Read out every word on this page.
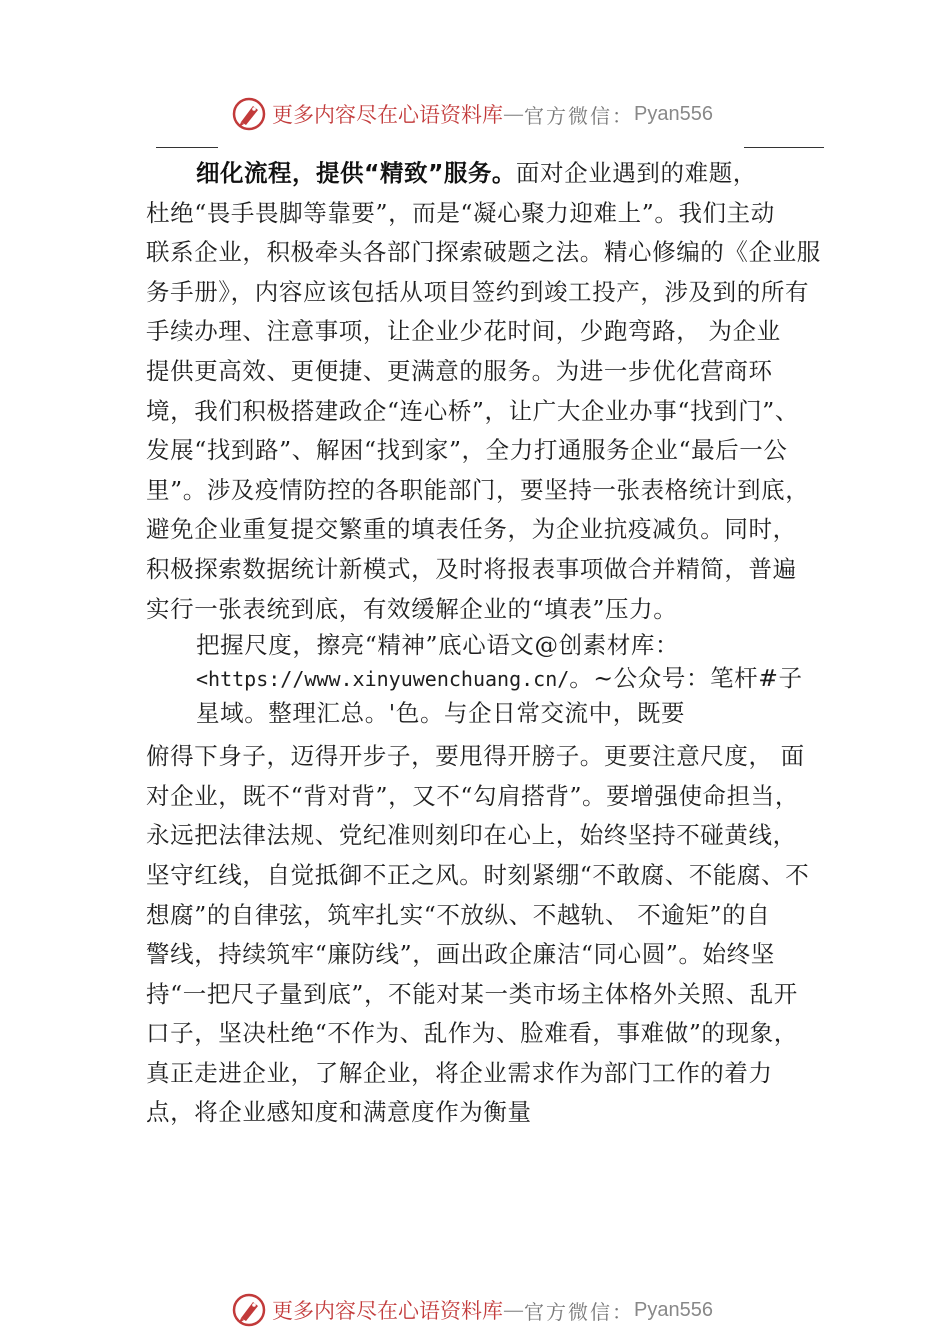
更多内容尽在心语资料库 — 官方微信： Pyan556
细化流程，提供“精致”服务。面对企业遇到的难题，
杜绝“畏手畏脚等靠要”，而是“凝心聚力迎难上”。我们主动
联系企业，积极牵头各部门探索破题之法。精心修编的《企业服
务手册》，内容应该包括从项目签约到竣工投产，涉及到的所有
手续办理、注意事项，让企业少花时间，少跑弯路， 为企业
提供更高效、更便捷、更满意的服务。为进一步优化营商环
境，我们积极搭建政企“连心桥”，让广大企业办事“找到门”、
发展“找到路”、解困“找到家”，全力打通服务企业“最后一公
里”。涉及疫情防控的各职能部门，要坚持一张表格统计到底，
避免企业重复提交繁重的填表任务，为企业抗疫减负。同时，
积极探索数据统计新模式，及时将报表事项做合并精简，普遍
实行一张表统到底，有效缓解企业的“填表”压力。
把握尺度，擦亮“精神”底心语文@创素材库：
<https://www.xinyuwenchuang.cn/。~公众号：笔杆#子
星域。整理汇总。'色。与企日常交流中，既要
俯得下身子，迈得开步子，要甩得开膀子。更要注意尺度， 面
对企业，既不“背对背”，又不“勾肩搭背”。要增强使命担当，
永远把法律法规、党纪准则刻印在心上，始终坚持不碰黄线，
坚守红线，自觉抵御不正之风。时刻紧绷“不敢腐、不能腐、不
想腐”的自律弦，筑牢扎实“不放纵、不越轨、 不逾矩”的自
警线，持续筑牢“廉防线”，画出政企廉洁“同心圆”。始终坚
持“一把尺子量到底”，不能对某一类市场主体格外关照、乱开
口子，坚决杜绝“不作为、乱作为、脸难看，事难做”的现象，
真正走进企业，了解企业，将企业需求作为部门工作的着力
点，将企业感知度和满意度作为衡量
更多内容尽在心语资料库 — 官方微信： Pyan556
